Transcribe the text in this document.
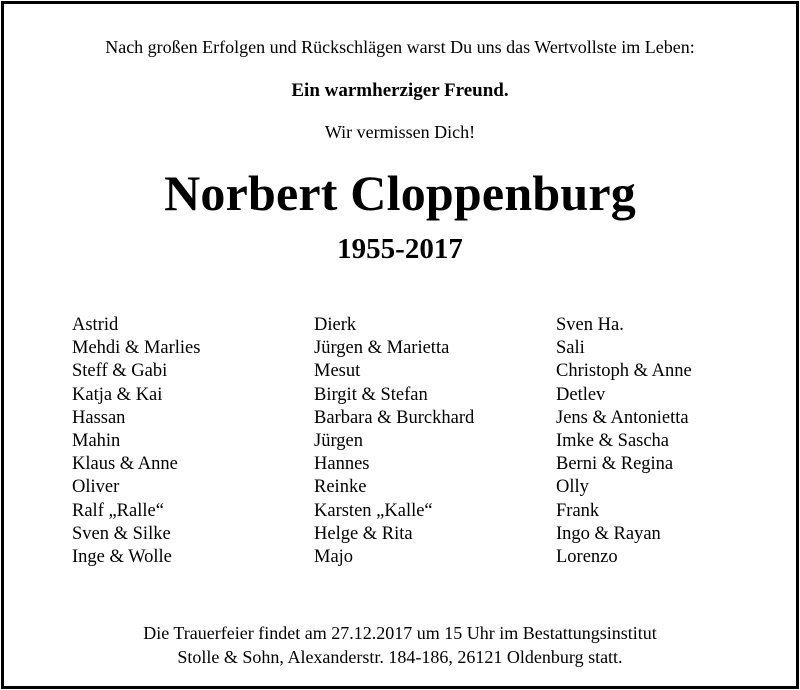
Nach großen Erfolgen und Rückschlägen warst Du uns das Wertvollste im Leben:
Ein warmherziger Freund.
Wir vermissen Dich!
Norbert Cloppenburg
1955-2017
Astrid
Mehdi & Marlies
Steff & Gabi
Katja & Kai
Hassan
Mahin
Klaus & Anne
Oliver
Ralf „Ralle“
Sven & Silke
Inge & Wolle
Dierk
Jürgen & Marietta
Mesut
Birgit & Stefan
Barbara & Burckhard
Jürgen
Hannes
Reinke
Karsten „Kalle“
Helge & Rita
Majo
Sven Ha.
Sali
Christoph & Anne
Detlev
Jens & Antonietta
Imke & Sascha
Berni & Regina
Olly
Frank
Ingo & Rayan
Lorenzo
Die Trauerfeier findet am 27.12.2017 um 15 Uhr im Bestattungsinstitut
Stolle & Sohn, Alexanderstr. 184-186, 26121 Oldenburg statt.
